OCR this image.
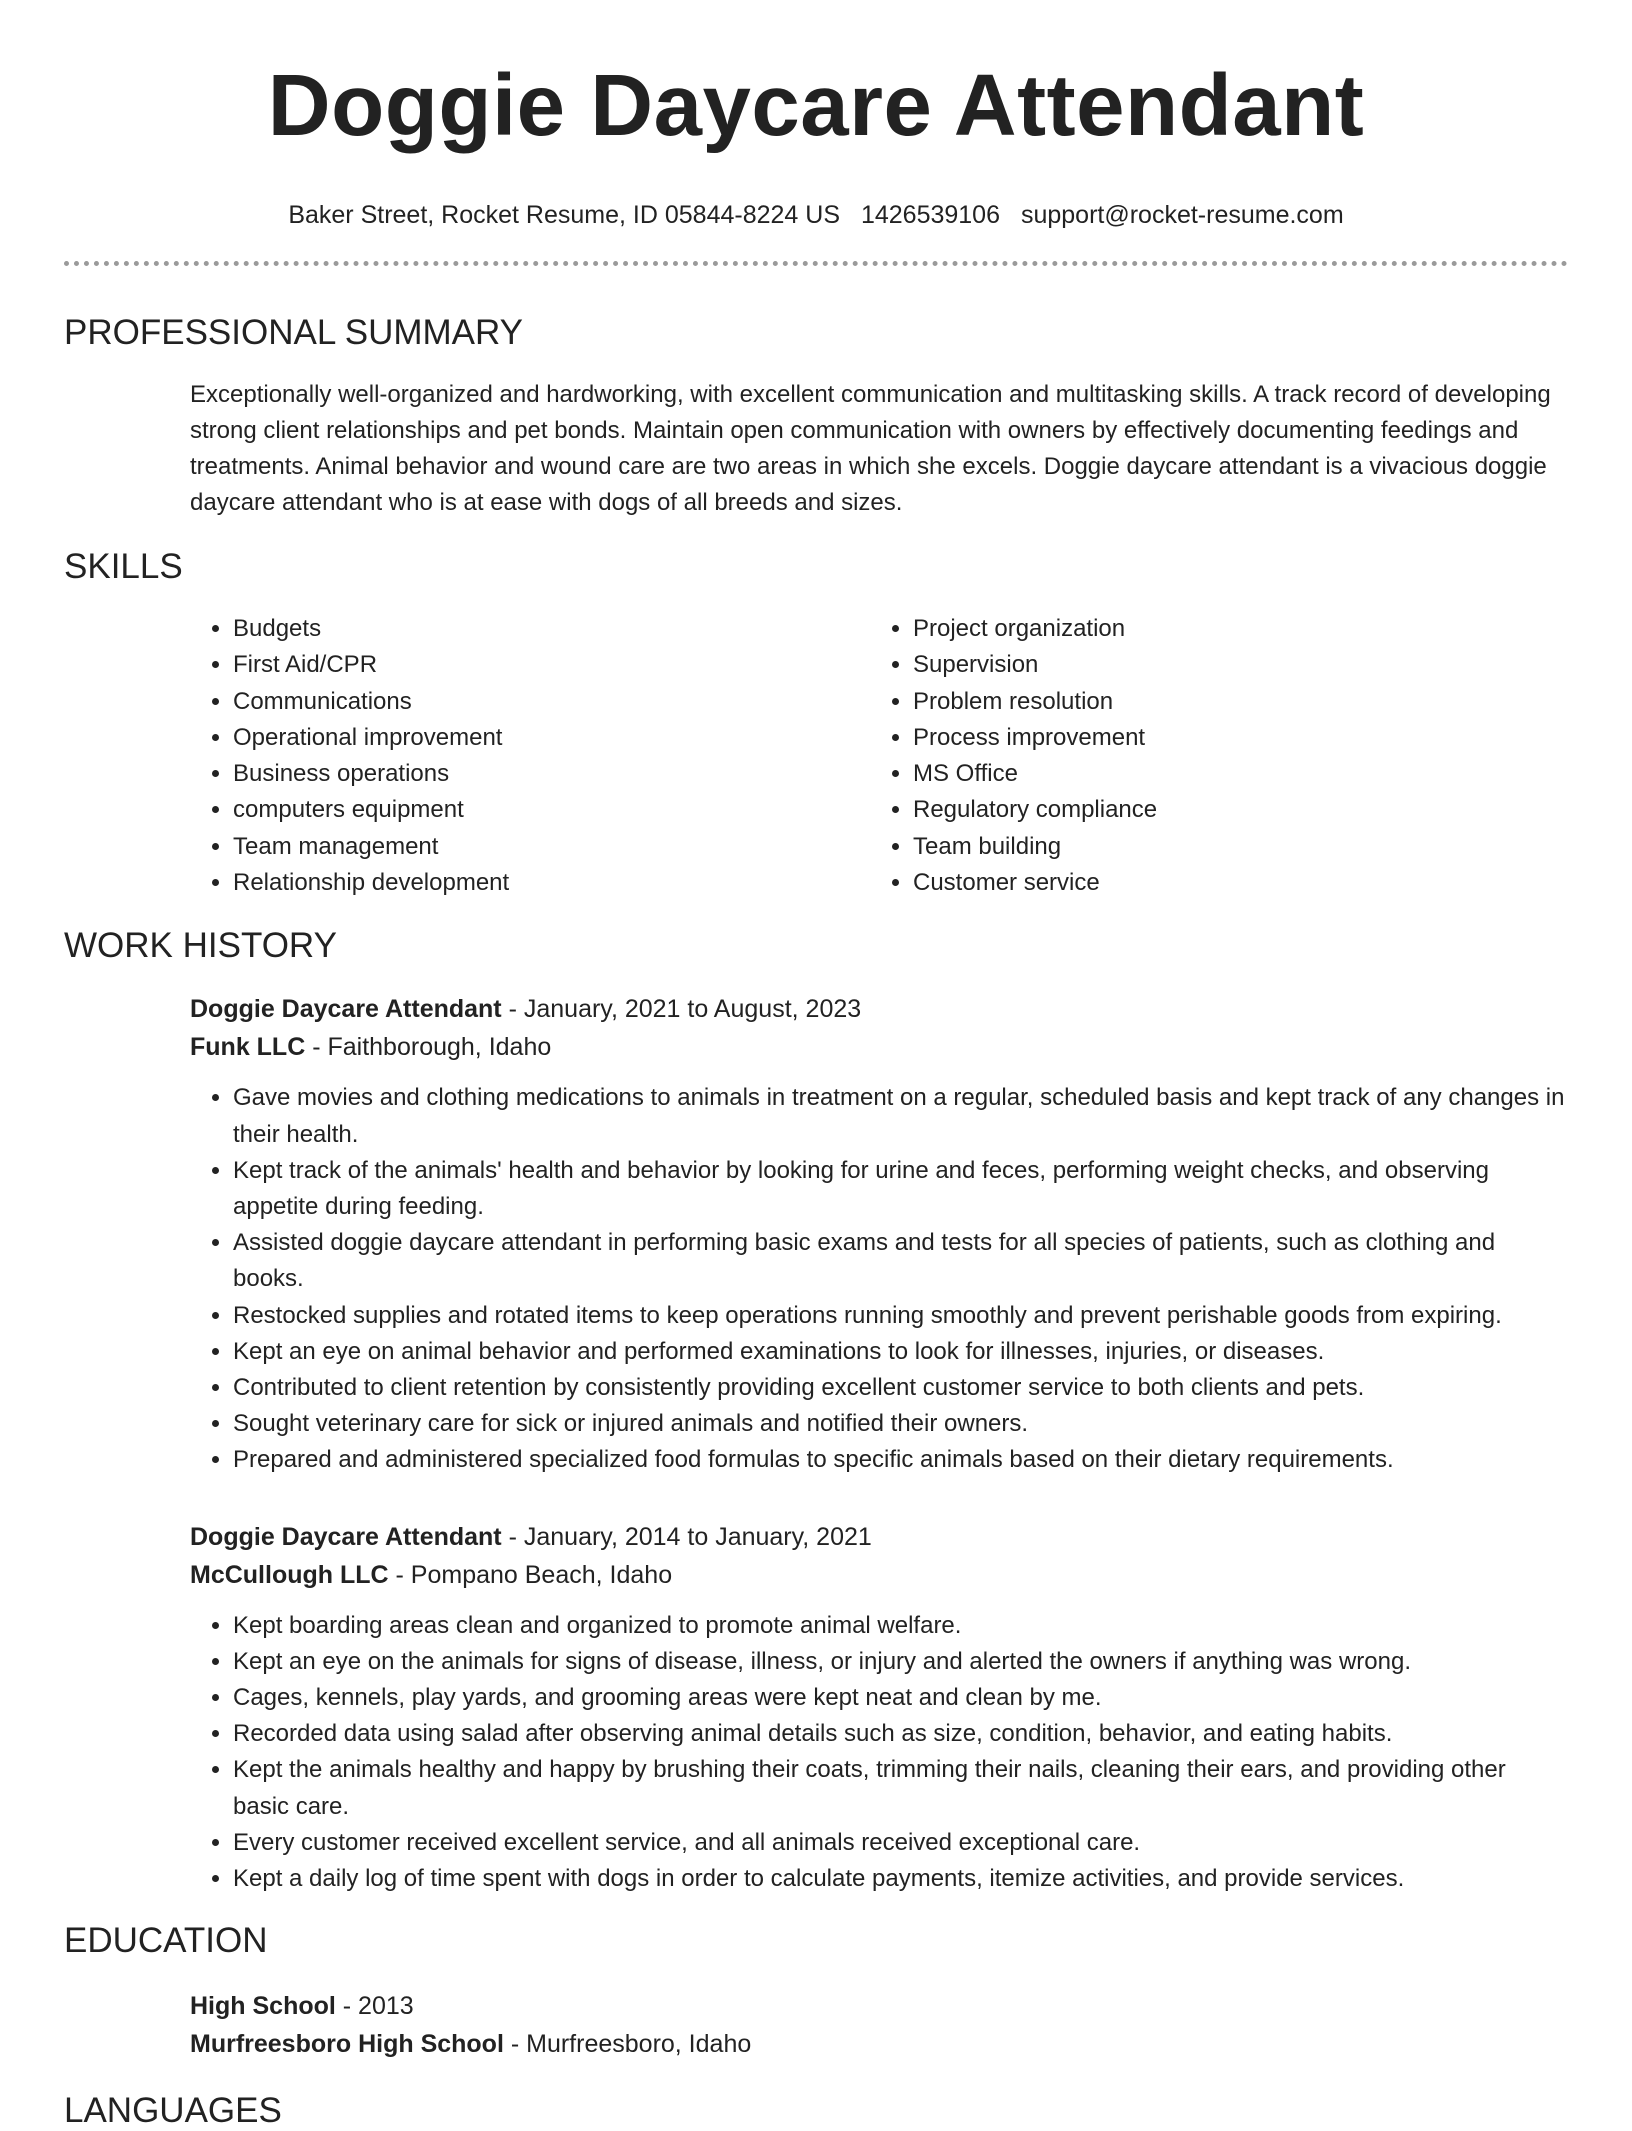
Doggie Daycare Attendant
Baker Street, Rocket Resume, ID 05844-8224 US 1426539106 support@rocket-resume.com
PROFESSIONAL SUMMARY
Exceptionally well-organized and hardworking, with excellent communication and multitasking skills. A track record of developing strong client relationships and pet bonds. Maintain open communication with owners by effectively documenting feedings and treatments. Animal behavior and wound care are two areas in which she excels. Doggie daycare attendant is a vivacious doggie daycare attendant who is at ease with dogs of all breeds and sizes.
SKILLS
• Budgets
• First Aid/CPR
• Communications
• Operational improvement
• Business operations
• computers equipment
• Team management
• Relationship development
• Project organization
• Supervision
• Problem resolution
• Process improvement
• MS Office
• Regulatory compliance
• Team building
• Customer service
WORK HISTORY
Doggie Daycare Attendant - January, 2021 to August, 2023
Funk LLC - Faithborough, Idaho
• Gave movies and clothing medications to animals in treatment on a regular, scheduled basis and kept track of any changes in their health.
• Kept track of the animals' health and behavior by looking for urine and feces, performing weight checks, and observing appetite during feeding.
• Assisted doggie daycare attendant in performing basic exams and tests for all species of patients, such as clothing and books.
• Restocked supplies and rotated items to keep operations running smoothly and prevent perishable goods from expiring.
• Kept an eye on animal behavior and performed examinations to look for illnesses, injuries, or diseases.
• Contributed to client retention by consistently providing excellent customer service to both clients and pets.
• Sought veterinary care for sick or injured animals and notified their owners.
• Prepared and administered specialized food formulas to specific animals based on their dietary requirements.
Doggie Daycare Attendant - January, 2014 to January, 2021
McCullough LLC - Pompano Beach, Idaho
• Kept boarding areas clean and organized to promote animal welfare.
• Kept an eye on the animals for signs of disease, illness, or injury and alerted the owners if anything was wrong.
• Cages, kennels, play yards, and grooming areas were kept neat and clean by me.
• Recorded data using salad after observing animal details such as size, condition, behavior, and eating habits.
• Kept the animals healthy and happy by brushing their coats, trimming their nails, cleaning their ears, and providing other basic care.
• Every customer received excellent service, and all animals received exceptional care.
• Kept a daily log of time spent with dogs in order to calculate payments, itemize activities, and provide services.
EDUCATION
High School - 2013
Murfreesboro High School - Murfreesboro, Idaho
LANGUAGES
